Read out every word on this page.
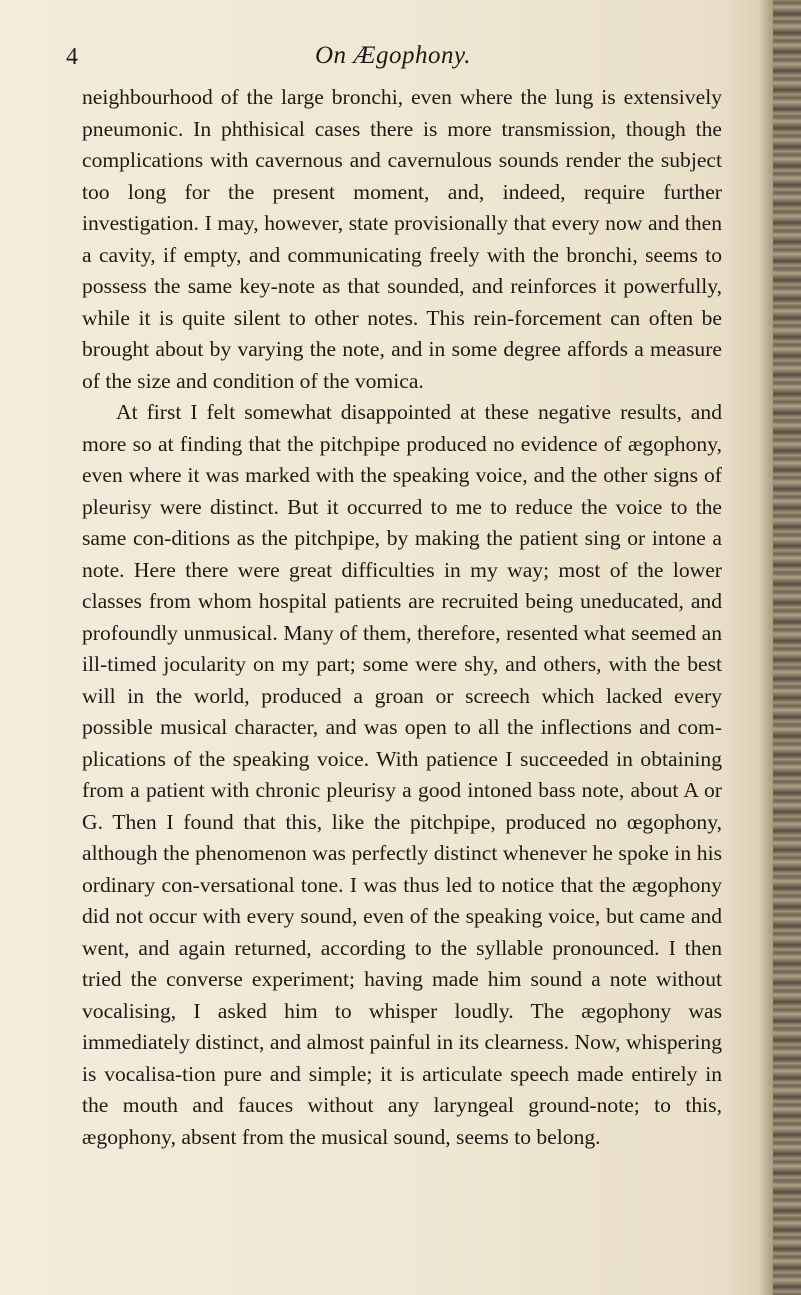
4	On Ægophony.

neighbourhood of the large bronchi, even where the lung is extensively pneumonic. In phthisical cases there is more transmission, though the complications with cavernous and cavernulous sounds render the subject too long for the present moment, and, indeed, require further investigation. I may, however, state provisionally that every now and then a cavity, if empty, and communicating freely with the bronchi, seems to possess the same key-note as that sounded, and reinforces it powerfully, while it is quite silent to other notes. This rein-forcement can often be brought about by varying the note, and in some degree affords a measure of the size and condition of the vomica.

At first I felt somewhat disappointed at these negative results, and more so at finding that the pitchpipe produced no evidence of ægophony, even where it was marked with the speaking voice, and the other signs of pleurisy were distinct. But it occurred to me to reduce the voice to the same con-ditions as the pitchpipe, by making the patient sing or intone a note. Here there were great difficulties in my way; most of the lower classes from whom hospital patients are recruited being uneducated, and profoundly unmusical. Many of them, therefore, resented what seemed an ill-timed jocularity on my part; some were shy, and others, with the best will in the world, produced a groan or screech which lacked every possible musical character, and was open to all the inflections and com-plications of the speaking voice. With patience I succeeded in obtaining from a patient with chronic pleurisy a good intoned bass note, about A or G. Then I found that this, like the pitchpipe, produced no œgophony, although the phenomenon was perfectly distinct whenever he spoke in his ordinary con-versational tone. I was thus led to notice that the ægophony did not occur with every sound, even of the speaking voice, but came and went, and again returned, according to the syllable pronounced. I then tried the converse experiment; having made him sound a note without vocalising, I asked him to whisper loudly. The ægophony was immediately distinct, and almost painful in its clearness. Now, whispering is vocalisa-tion pure and simple; it is articulate speech made entirely in the mouth and fauces without any laryngeal ground-note; to this, ægophony, absent from the musical sound, seems to belong.
